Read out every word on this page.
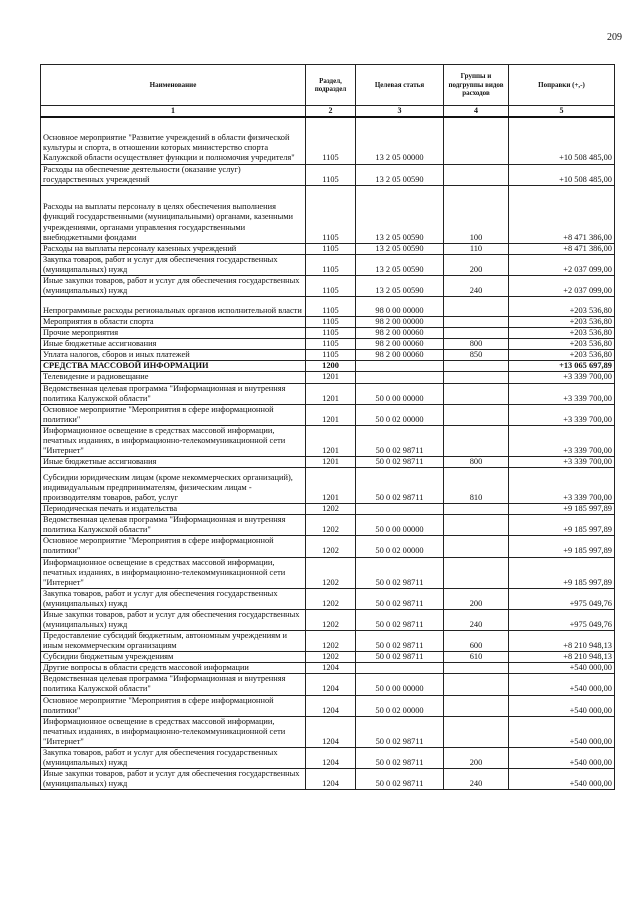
209
Наименование	Раздел, подраздел	Целевая статья	Группы и подгруппы видов расходов	Поправки (+,-)
1	2	3	4	5
Основное мероприятие "Развитие учреждений в области физической культуры и спорта, в отношении которых министерство спорта Калужской области осуществляет функции и полномочия учредителя"	1105	13 2 05 00000		+10 508 485,00
Расходы на обеспечение деятельности (оказание услуг) государственных учреждений	1105	13 2 05 00590		+10 508 485,00
Расходы на выплаты персоналу в целях обеспечения выполнения функций государственными (муниципальными) органами, казенными учреждениями, органами управления государственными внебюджетными фондами	1105	13 2 05 00590	100	+8 471 386,00
Расходы на выплаты персоналу казенных учреждений	1105	13 2 05 00590	110	+8 471 386,00
Закупка товаров, работ и услуг для обеспечения государственных (муниципальных) нужд	1105	13 2 05 00590	200	+2 037 099,00
Иные закупки товаров, работ и услуг для обеспечения государственных (муниципальных) нужд	1105	13 2 05 00590	240	+2 037 099,00
Непрограммные расходы региональных органов исполнительной власти	1105	98 0 00 00000		+203 536,80
Мероприятия в области спорта	1105	98 2 00 00000		+203 536,80
Прочие мероприятия	1105	98 2 00 00060		+203 536,80
Иные бюджетные ассигнования	1105	98 2 00 00060	800	+203 536,80
Уплата налогов, сборов и иных платежей	1105	98 2 00 00060	850	+203 536,80
СРЕДСТВА МАССОВОЙ ИНФОРМАЦИИ	1200			+13 065 697,89
Телевидение и радиовещание	1201			+3 339 700,00
Ведомственная целевая программа "Информационная и внутренняя политика Калужской области"	1201	50 0 00 00000		+3 339 700,00
Основное мероприятие "Мероприятия в сфере информационной политики"	1201	50 0 02 00000		+3 339 700,00
Информационное освещение в средствах массовой информации, печатных изданиях, в информационно-телекоммуникационной сети "Интернет"	1201	50 0 02 98711		+3 339 700,00
Иные бюджетные ассигнования	1201	50 0 02 98711	800	+3 339 700,00
Субсидии юридическим лицам (кроме некоммерческих организаций), индивидуальным предпринимателям, физическим лицам - производителям товаров, работ, услуг	1201	50 0 02 98711	810	+3 339 700,00
Периодическая печать и издательства	1202			+9 185 997,89
Ведомственная целевая программа "Информационная и внутренняя политика Калужской области"	1202	50 0 00 00000		+9 185 997,89
Основное мероприятие "Мероприятия в сфере информационной политики"	1202	50 0 02 00000		+9 185 997,89
Информационное освещение в средствах массовой информации, печатных изданиях, в информационно-телекоммуникационной сети "Интернет"	1202	50 0 02 98711		+9 185 997,89
Закупка товаров, работ и услуг для обеспечения государственных (муниципальных) нужд	1202	50 0 02 98711	200	+975 049,76
Иные закупки товаров, работ и услуг для обеспечения государственных (муниципальных) нужд	1202	50 0 02 98711	240	+975 049,76
Предоставление субсидий бюджетным, автономным учреждениям и иным некоммерческим организациям	1202	50 0 02 98711	600	+8 210 948,13
Субсидии бюджетным учреждениям	1202	50 0 02 98711	610	+8 210 948,13
Другие вопросы в области средств массовой информации	1204			+540 000,00
Ведомственная целевая программа "Информационная и внутренняя политика Калужской области"	1204	50 0 00 00000		+540 000,00
Основное мероприятие "Мероприятия в сфере информационной политики"	1204	50 0 02 00000		+540 000,00
Информационное освещение в средствах массовой информации, печатных изданиях, в информационно-телекоммуникационной сети "Интернет"	1204	50 0 02 98711		+540 000,00
Закупка товаров, работ и услуг для обеспечения государственных (муниципальных) нужд	1204	50 0 02 98711	200	+540 000,00
Иные закупки товаров, работ и услуг для обеспечения государственных (муниципальных) нужд	1204	50 0 02 98711	240	+540 000,00
